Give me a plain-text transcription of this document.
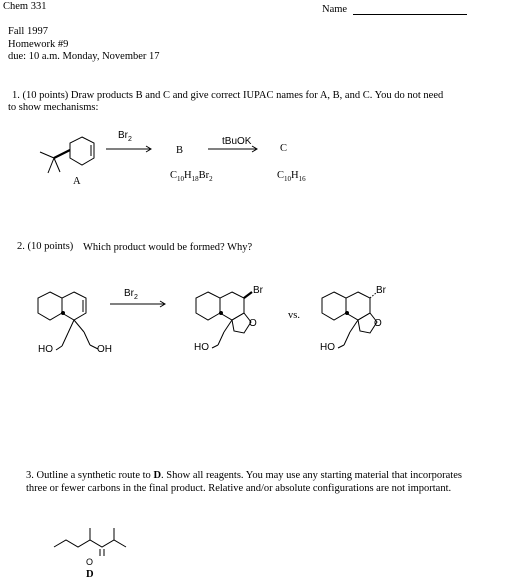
Chem 331	Name
Fall 1997
Homework #9
due: 10 a.m. Monday, November 17
1. (10 points) Draw products B and C and give correct IUPAC names for A, B, and C. You do not need
to show mechanisms:
$Br_2$	tBuOK
B	C
A
$C_{10}H_{18}Br_2$	$C_{10}H_{16}$
2. (10 points) Which product would be formed? Why?
$Br_2$
vs.
HO	OH
Br
O
HO
Br
O
HO
3. Outline a synthetic route to D. Show all reagents. You may use any starting material that incorporates
three or fewer carbons in the final product. Relative and/or absolute configurations are not important.
D
O
